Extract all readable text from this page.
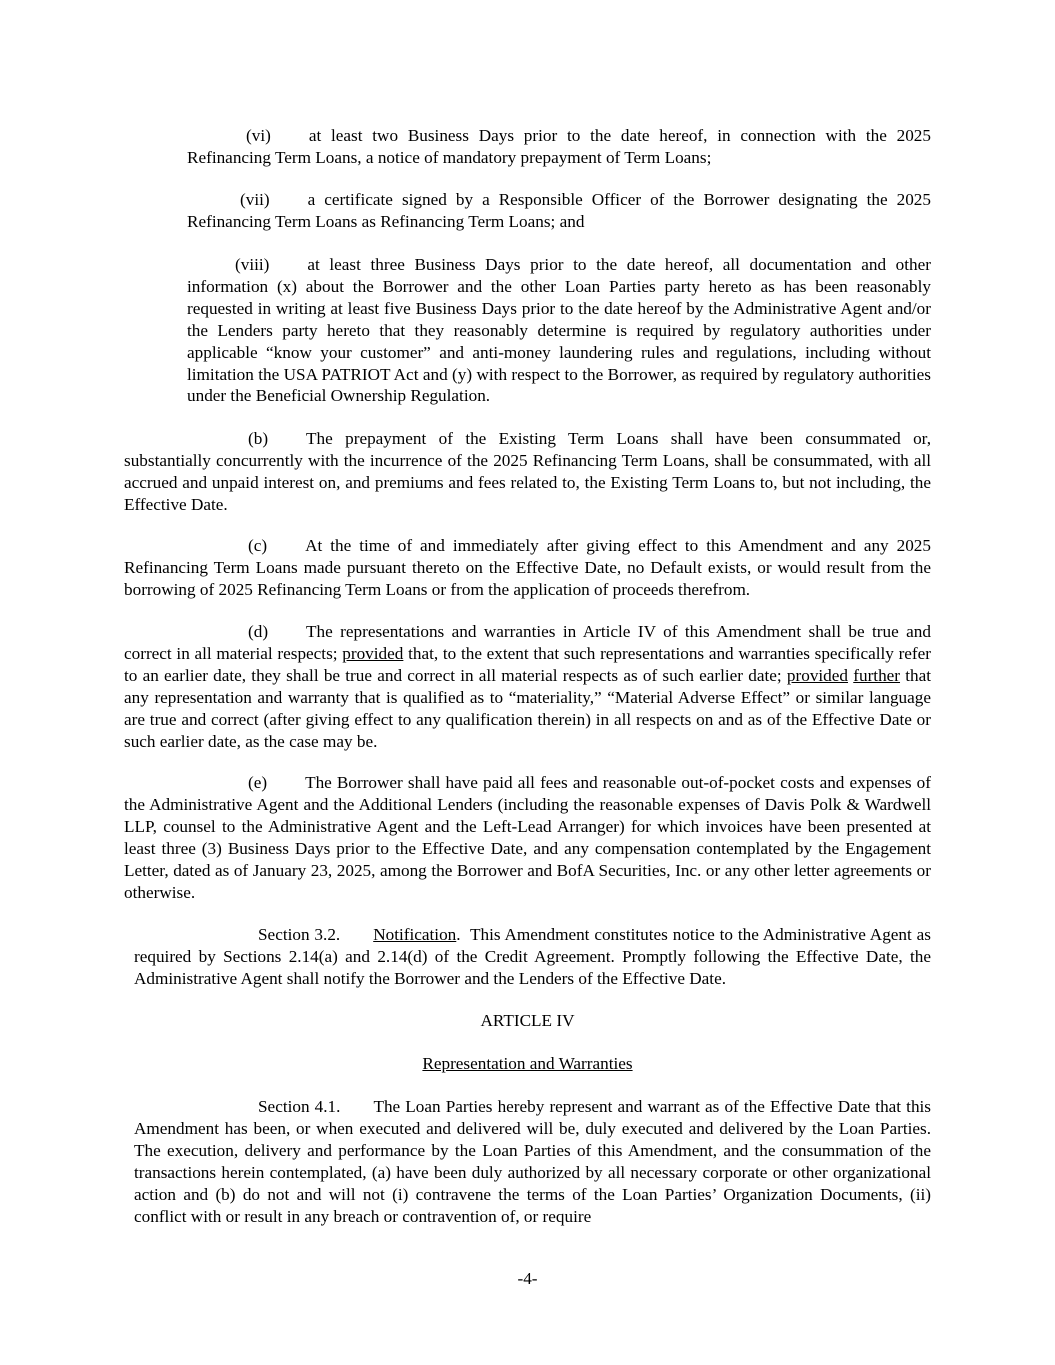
(vi) at least two Business Days prior to the date hereof, in connection with the 2025 Refinancing Term Loans, a notice of mandatory prepayment of Term Loans;

(vii) a certificate signed by a Responsible Officer of the Borrower designating the 2025 Refinancing Term Loans as Refinancing Term Loans; and

(viii) at least three Business Days prior to the date hereof, all documentation and other information (x) about the Borrower and the other Loan Parties party hereto as has been reasonably requested in writing at least five Business Days prior to the date hereof by the Administrative Agent and/or the Lenders party hereto that they reasonably determine is required by regulatory authorities under applicable “know your customer” and anti-money laundering rules and regulations, including without limitation the USA PATRIOT Act and (y) with respect to the Borrower, as required by regulatory authorities under the Beneficial Ownership Regulation.

(b) The prepayment of the Existing Term Loans shall have been consummated or, substantially concurrently with the incurrence of the 2025 Refinancing Term Loans, shall be consummated, with all accrued and unpaid interest on, and premiums and fees related to, the Existing Term Loans to, but not including, the Effective Date.

(c) At the time of and immediately after giving effect to this Amendment and any 2025 Refinancing Term Loans made pursuant thereto on the Effective Date, no Default exists, or would result from the borrowing of 2025 Refinancing Term Loans or from the application of proceeds therefrom.

(d) The representations and warranties in Article IV of this Amendment shall be true and correct in all material respects; provided that, to the extent that such representations and warranties specifically refer to an earlier date, they shall be true and correct in all material respects as of such earlier date; provided further that any representation and warranty that is qualified as to “materiality,” “Material Adverse Effect” or similar language are true and correct (after giving effect to any qualification therein) in all respects on and as of the Effective Date or such earlier date, as the case may be.

(e) The Borrower shall have paid all fees and reasonable out-of-pocket costs and expenses of the Administrative Agent and the Additional Lenders (including the reasonable expenses of Davis Polk & Wardwell LLP, counsel to the Administrative Agent and the Left-Lead Arranger) for which invoices have been presented at least three (3) Business Days prior to the Effective Date, and any compensation contemplated by the Engagement Letter, dated as of January 23, 2025, among the Borrower and BofA Securities, Inc. or any other letter agreements or otherwise.

Section 3.2. Notification.  This Amendment constitutes notice to the Administrative Agent as required by Sections 2.14(a) and 2.14(d) of the Credit Agreement. Promptly following the Effective Date, the Administrative Agent shall notify the Borrower and the Lenders of the Effective Date.

ARTICLE IV

Representation and Warranties

Section 4.1. The Loan Parties hereby represent and warrant as of the Effective Date that this Amendment has been, or when executed and delivered will be, duly executed and delivered by the Loan Parties. The execution, delivery and performance by the Loan Parties of this Amendment, and the consummation of the transactions herein contemplated, (a) have been duly authorized by all necessary corporate or other organizational action and (b) do not and will not (i) contravene the terms of the Loan Parties’ Organization Documents, (ii) conflict with or result in any breach or contravention of, or require

-4-
